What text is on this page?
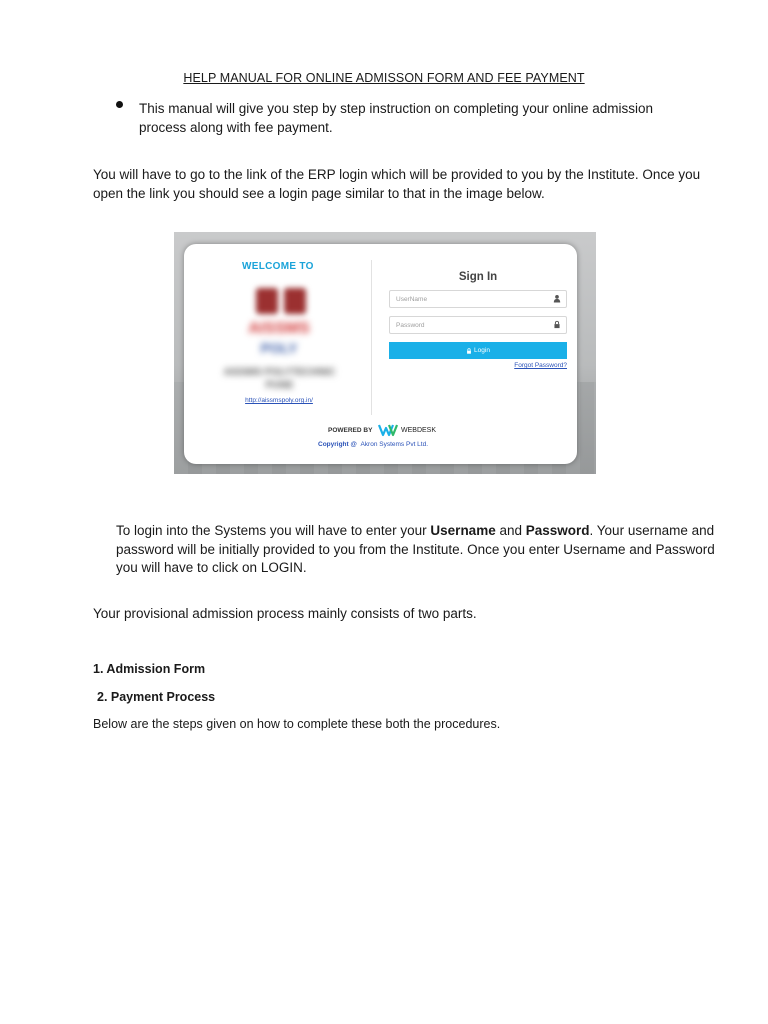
HELP MANUAL FOR ONLINE ADMISSON FORM AND FEE PAYMENT
This manual will give you step by step instruction on completing your online admission process along with fee payment.
You will have to go to the link of the ERP login which will be provided to you by the Institute. Once you open the link you should see a login page similar to that in the image below.
WELCOME TO
AISSMS
POLY
AISSMS POLYTECHNIC PUNE
http://aissmspoly.org.in/
Sign In
UserName
Login
Forgot Password?
POWERED BY	WEBDESK
Copyright @ Akron Systems Pvt Ltd.
To login into the Systems you will have to enter your Username and Password. Your username and password will be initially provided to you from the Institute. Once you enter Username and Password you will have to click on LOGIN.
Your provisional admission process mainly consists of two parts.
1. Admission Form
2. Payment Process
Below are the steps given on how to complete these both the procedures.
